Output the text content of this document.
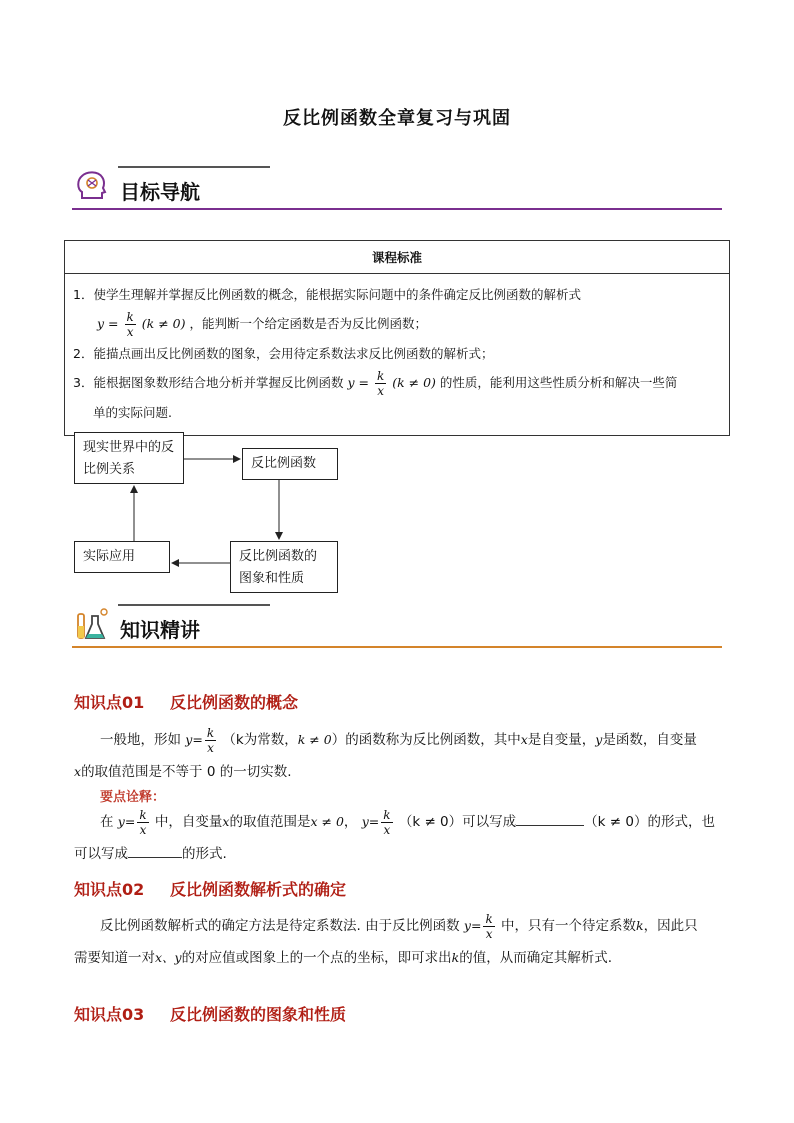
反比例函数全章复习与巩固
目标导航
课程标准

1．使学生理解并掌握反比例函数的概念，能根据实际问题中的条件确定反比例函数的解析式
$y = \frac{k}{x} (k \ne 0)$ ，能判断一个给定函数是否为反比例函数；
2．能描点画出反比例函数的图象，会用待定系数法求反比例函数的解析式；
3．能根据图象数形结合地分析并掌握反比例函数 $y = \frac{k}{x} (k \ne 0)$ 的性质，能利用这些性质分析和解决一些简
单的实际问题.
现实世界中的反比例关系	反比例函数
反比例函数的图象和性质
实际应用
知识精讲
知识点01 反比例函数的概念
一般地，形如 $y= \frac{k}{x} (k$为常数，k ≠ 0）的函数称为反比例函数，其中x是自变量，y是函数，自变量
x的取值范围是不等于 0 的一切实数.
要点诠释：
在 $y= \frac{k}{x}$ 中，自变量x的取值范围是x ≠ 0， $y= \frac{k}{x} (k \ne 0)$可以写成	（k ≠ 0）的形式，也
可以写成	的形式.
知识点02 反比例函数解析式的确定
反比例函数解析式的确定方法是待定系数法. 由于反比例函数 $y= \frac{k}{x}$ 中，只有一个待定系数k，因此只
需要知道一对x、y的对应值或图象上的一个点的坐标，即可求出k的值，从而确定其解析式.
知识点03 反比例函数的图象和性质
